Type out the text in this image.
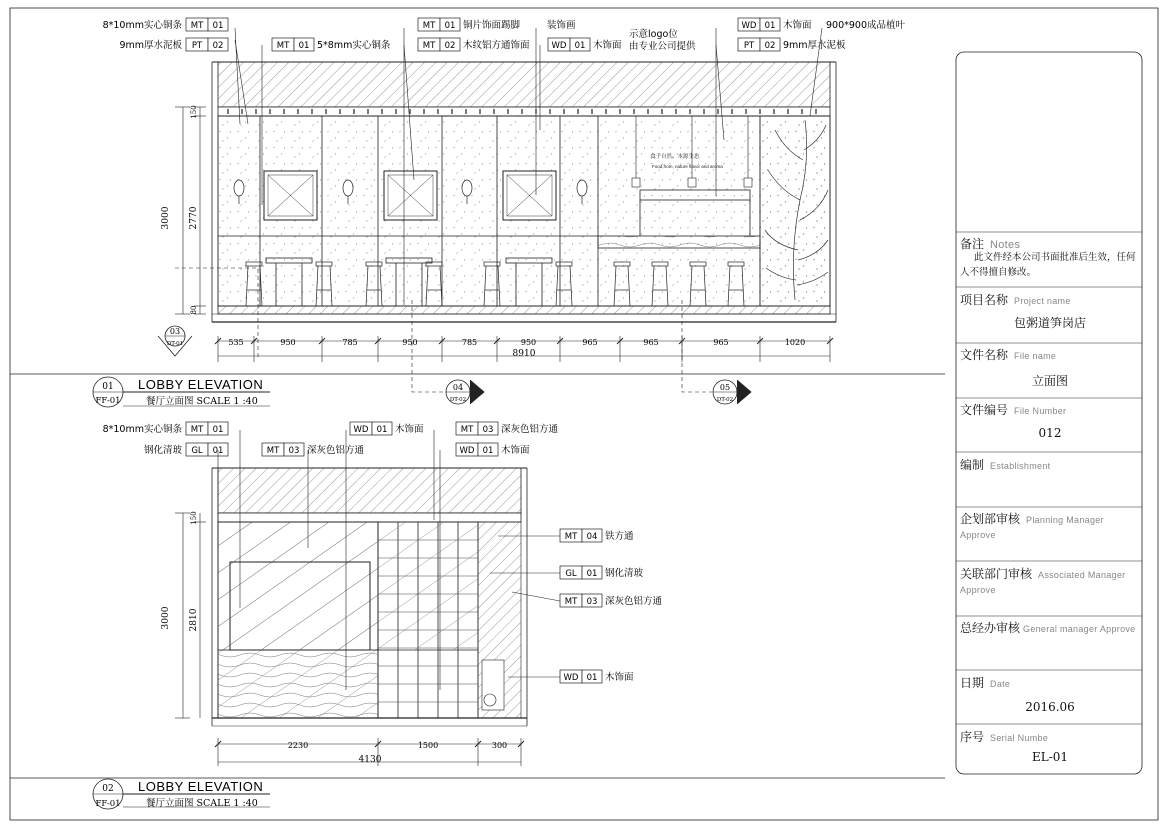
食于自然，本源生态
Food,from, nature flavor and aroma
3000 2770
150
80
535	950	785	950	785	950	965	965	965	1020
8910
03
DT-01
04
DT-02
05
DT-02
01
FF-01
LOBBY ELEVATION
餐厅立面图 SCALE 1 :40
8*10mm实心铜条 MT 01
9mm厚水泥板 PT 02	MT 01 5*8mm实心铜条
MT 01 铜片饰面踢脚
MT 02 木纹铝方通饰面	WD 01 木饰面
WD 01 木饰面
PT 02 9mm厚水泥板
装饰画
示意logo位
由专业公司提供
900*900成品植叶
3000 2810
150
2230	1500	300
4130
02
FF-01
LOBBY ELEVATION
餐厅立面图 SCALE 1 :40
8*10mm实心铜条 MT 01
钢化清玻 GL 01	MT 03 深灰色铝方通
WD 01 木饰面	MT 03 深灰色铝方通
WD 01 木饰面
MT 04 铁方通
GL 01 钢化清玻
MT 03 深灰色铝方通
WD 01 木饰面
备注 Notes
此文件经本公司书面批准后生效，任何人不得擅自修改。
项目名称 Project name
包粥道笋岗店
文件名称 File name
立面图
文件编号 File Number
012
编制 Establishment
企划部审核 Planning Manager Approve
关联部门审核 Associated Manager Approve
总经办审核 General manager Approve
日期 Date
2016.06
序号 Serial Numbe
EL-01
